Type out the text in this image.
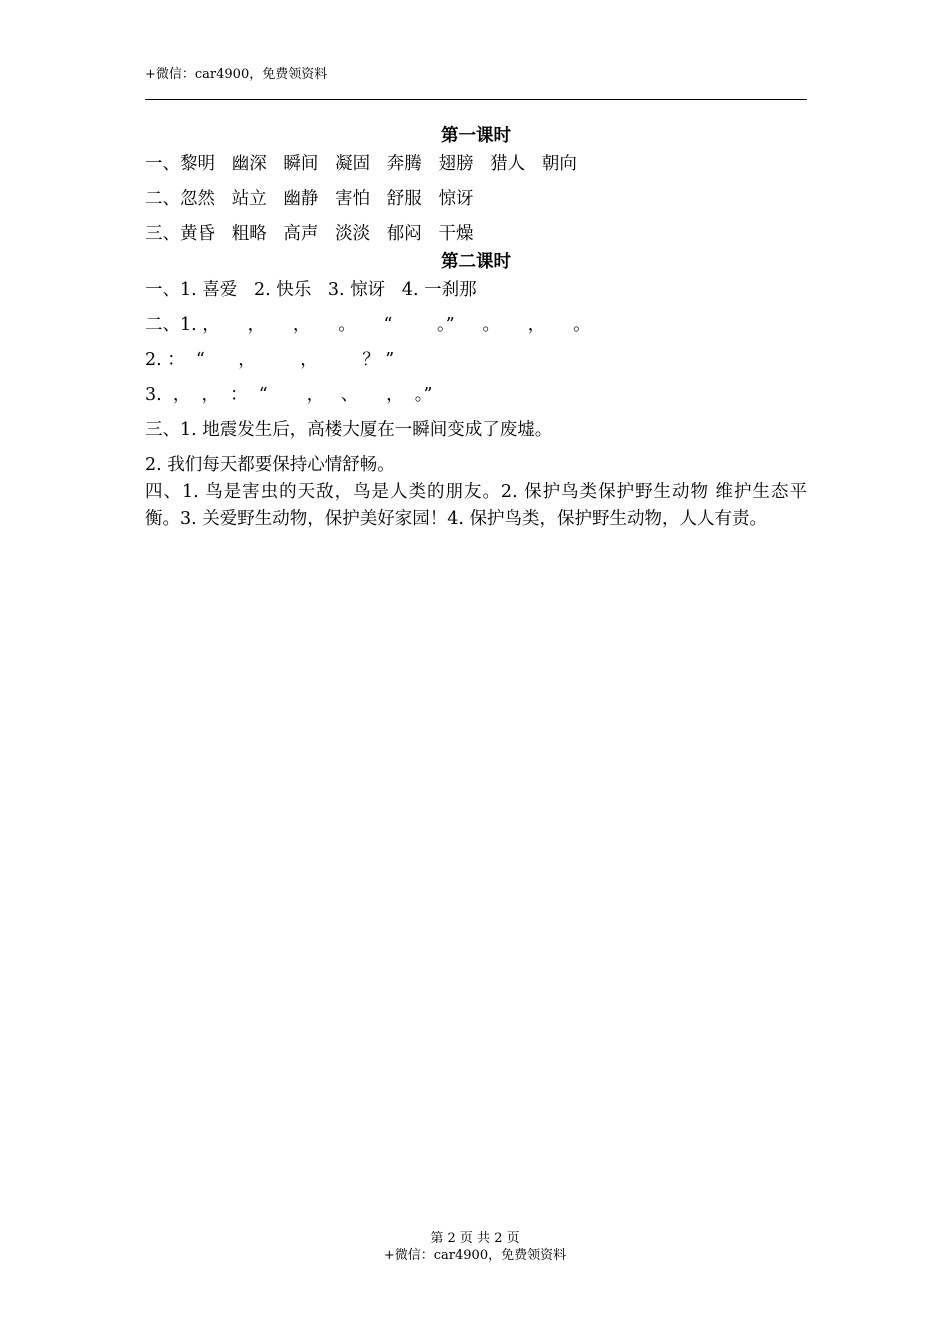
+微信：car4900，免费领资料
第一课时
一、黎明   幽深   瞬间   凝固   奔腾   翅膀   猎人   朝向
二、忽然   站立   幽静   害怕   舒服   惊讶
三、黄昏   粗略   高声   淡淡   郁闷   干燥
第二课时
一、1. 喜爱   2. 快乐   3. 惊讶   4. 一刹那
二、1. ，     ，     ，     。     “        。”     。     ，     。
2. ：  “      ，        ，        ？ ”
3.  ，  ，  ：  “       ，   、     ，  。”
三、1. 地震发生后，高楼大厦在一瞬间变成了废墟。
2. 我们每天都要保持心情舒畅。
四、1. 鸟是害虫的天敌，鸟是人类的朋友。2. 保护鸟类保护野生动物 维护生态平衡。3. 关爱野生动物，保护美好家园！4. 保护鸟类，保护野生动物，人人有责。
第 2 页 共 2 页
+微信：car4900，免费领资料
